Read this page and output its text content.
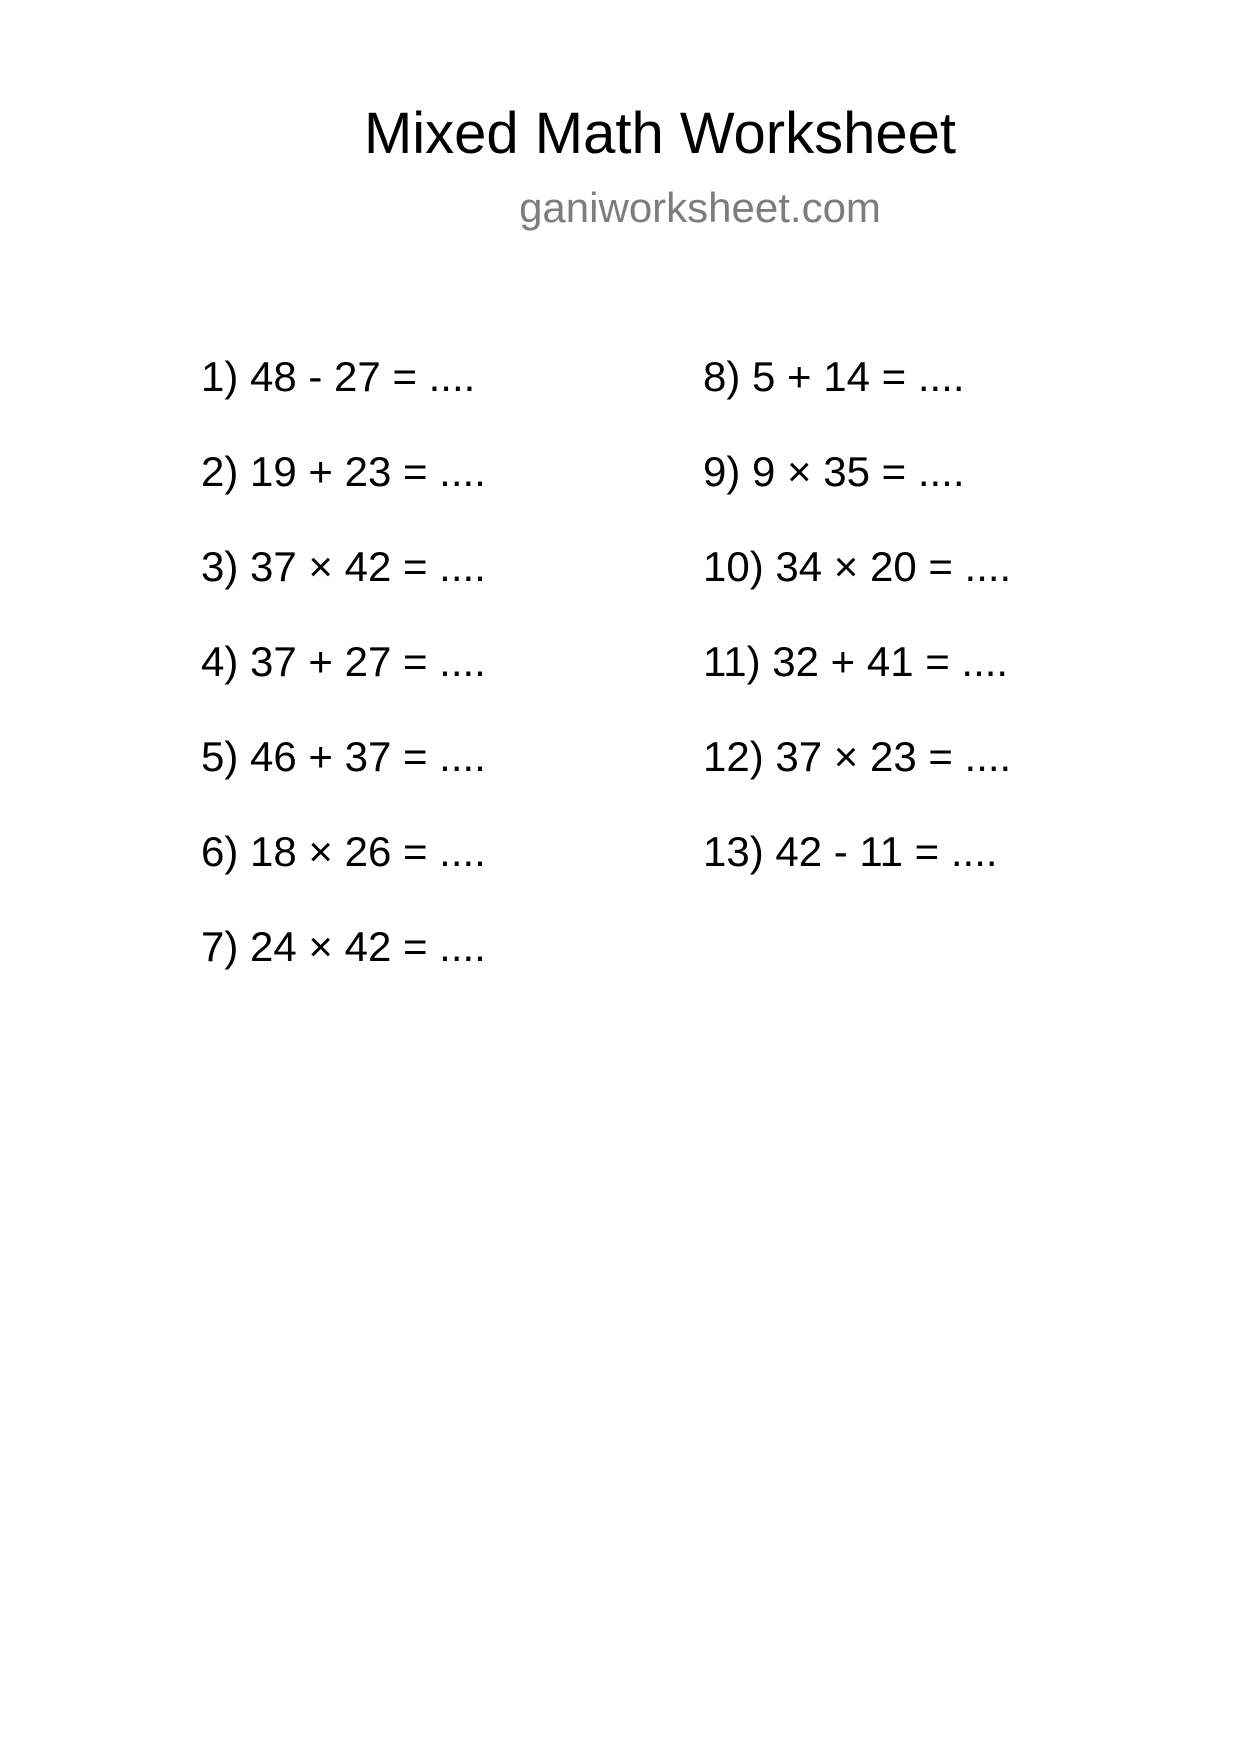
Mixed Math Worksheet
ganiworksheet.com
1) 48 - 27 = ....
2) 19 + 23 = ....
3) 37 × 42 = ....
4) 37 + 27 = ....
5) 46 + 37 = ....
6) 18 × 26 = ....
7) 24 × 42 = ....
8) 5 + 14 = ....
9) 9 × 35 = ....
10) 34 × 20 = ....
11) 32 + 41 = ....
12) 37 × 23 = ....
13) 42 - 11 = ....
